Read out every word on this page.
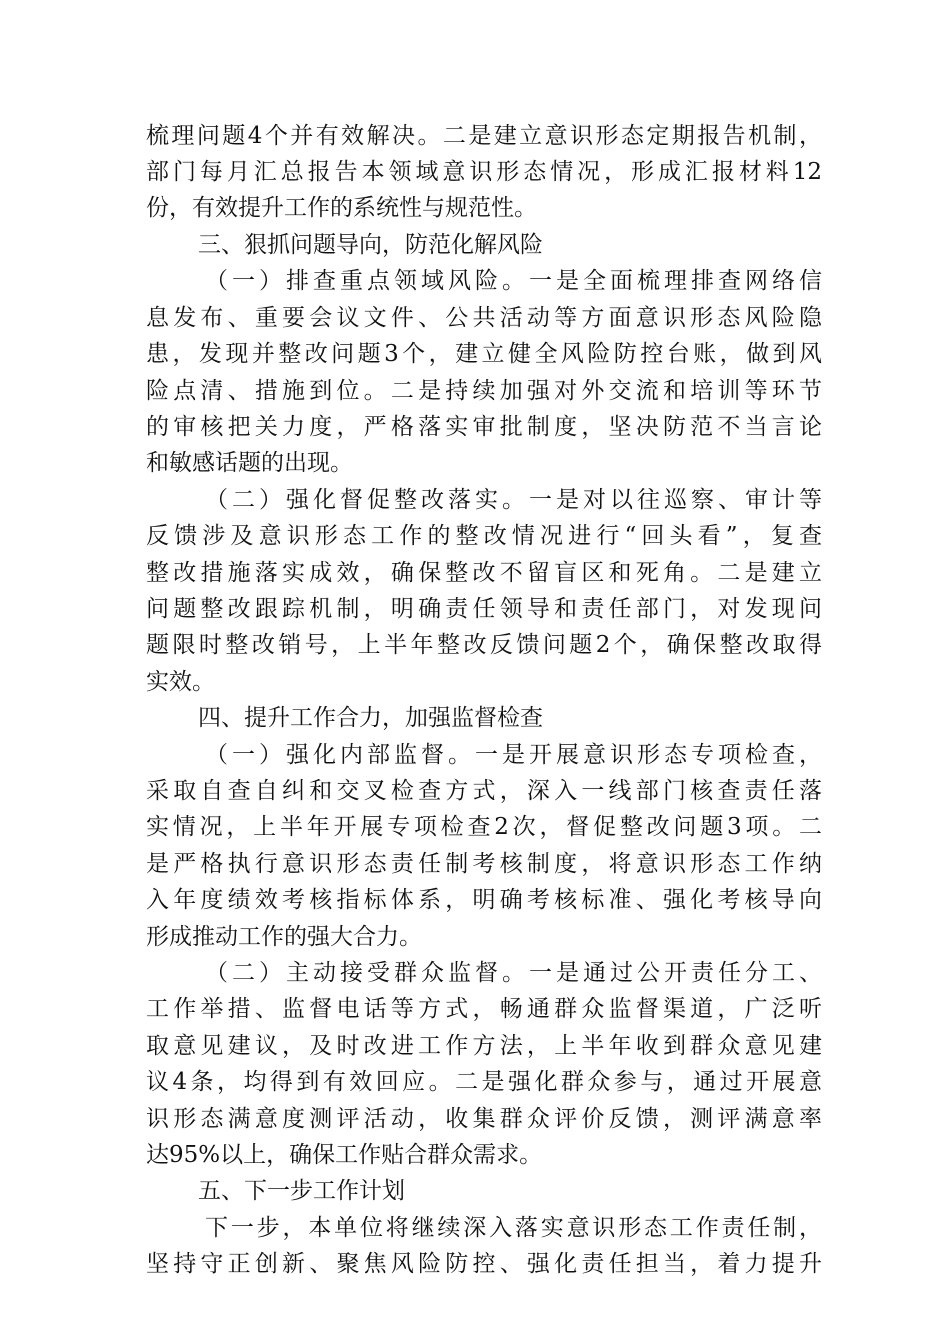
梳理问题4个并有效解决。二是建立意识形态定期报告机制，
部门每月汇总报告本领域意识形态情况，形成汇报材料12
份，有效提升工作的系统性与规范性。
三、狠抓问题导向，防范化解风险
（一）排查重点领域风险。一是全面梳理排查网络信
息发布、重要会议文件、公共活动等方面意识形态风险隐
患，发现并整改问题3个，建立健全风险防控台账，做到风
险点清、措施到位。二是持续加强对外交流和培训等环节
的审核把关力度，严格落实审批制度，坚决防范不当言论
和敏感话题的出现。
（二）强化督促整改落实。一是对以往巡察、审计等
反馈涉及意识形态工作的整改情况进行“回头看”，复查
整改措施落实成效，确保整改不留盲区和死角。二是建立
问题整改跟踪机制，明确责任领导和责任部门，对发现问
题限时整改销号，上半年整改反馈问题2个，确保整改取得
实效。
四、提升工作合力，加强监督检查
（一）强化内部监督。一是开展意识形态专项检查，
采取自查自纠和交叉检查方式，深入一线部门核查责任落
实情况，上半年开展专项检查2次，督促整改问题3项。二
是严格执行意识形态责任制考核制度，将意识形态工作纳
入年度绩效考核指标体系，明确考核标准、强化考核导向
形成推动工作的强大合力。
（二）主动接受群众监督。一是通过公开责任分工、
工作举措、监督电话等方式，畅通群众监督渠道，广泛听
取意见建议，及时改进工作方法，上半年收到群众意见建
议4条，均得到有效回应。二是强化群众参与，通过开展意
识形态满意度测评活动，收集群众评价反馈，测评满意率
达95%以上，确保工作贴合群众需求。
五、下一步工作计划
下一步，本单位将继续深入落实意识形态工作责任制，
坚持守正创新、聚焦风险防控、强化责任担当，着力提升
